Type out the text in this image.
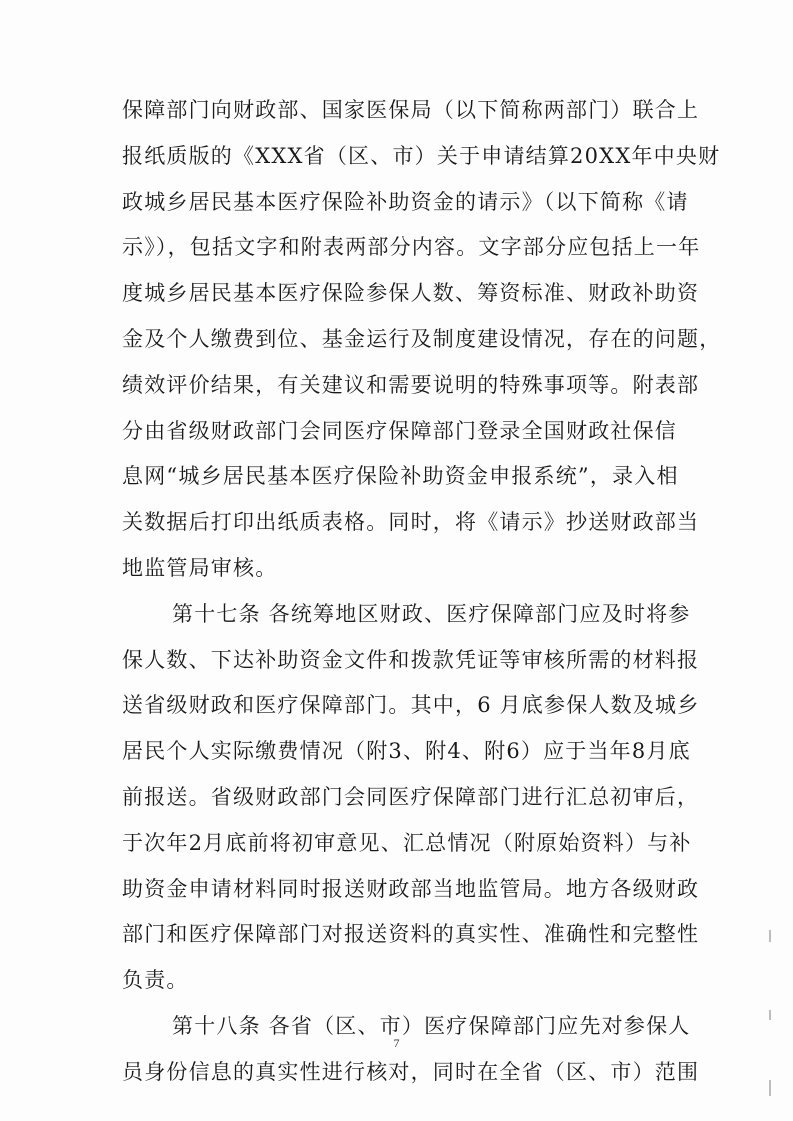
保障部门向财政部、国家医保局（以下简称两部门）联合上
报纸质版的《XXX省（区、市）关于申请结算20XX年中央财
政城乡居民基本医疗保险补助资金的请示》（以下简称《请
示》），包括文字和附表两部分内容。文字部分应包括上一年
度城乡居民基本医疗保险参保人数、筹资标准、财政补助资
金及个人缴费到位、基金运行及制度建设情况，存在的问题，
绩效评价结果，有关建议和需要说明的特殊事项等。附表部
分由省级财政部门会同医疗保障部门登录全国财政社保信
息网“城乡居民基本医疗保险补助资金申报系统”，录入相
关数据后打印出纸质表格。同时，将《请示》抄送财政部当
地监管局审核。
第十七条 各统筹地区财政、医疗保障部门应及时将参
保人数、下达补助资金文件和拨款凭证等审核所需的材料报
送省级财政和医疗保障部门。其中，6 月底参保人数及城乡
居民个人实际缴费情况（附3、附4、附6）应于当年8月底
前报送。省级财政部门会同医疗保障部门进行汇总初审后，
于次年2月底前将初审意见、汇总情况（附原始资料）与补
助资金申请材料同时报送财政部当地监管局。地方各级财政
部门和医疗保障部门对报送资料的真实性、准确性和完整性
负责。
第十八条 各省（区、市）医疗保障部门应先对参保人
员身份信息的真实性进行核对，同时在全省（区、市）范围
7
